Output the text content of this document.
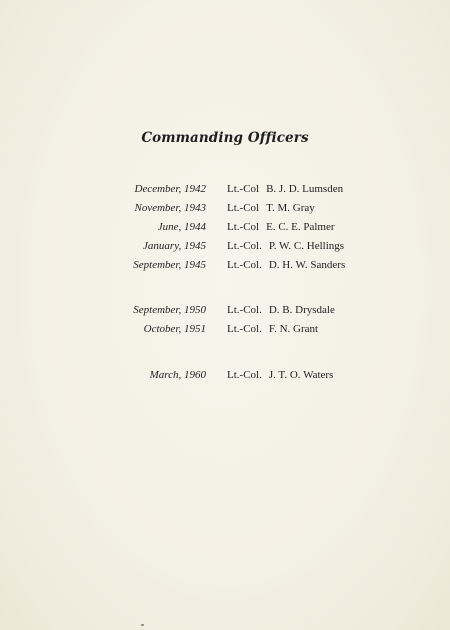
Commanding Officers
December, 1942 Lt.-Col B. J. D. Lumsden
November, 1943 Lt.-Col T. M. Gray
June, 1944 Lt.-Col E. C. E. Palmer
January, 1945 Lt.-Col. P. W. C. Hellings
September, 1945 Lt.-Col. D. H. W. Sanders
September, 1950 Lt.-Col. D. B. Drysdale
October, 1951 Lt.-Col. F. N. Grant
March, 1960 Lt.-Col. J. T. O. Waters
